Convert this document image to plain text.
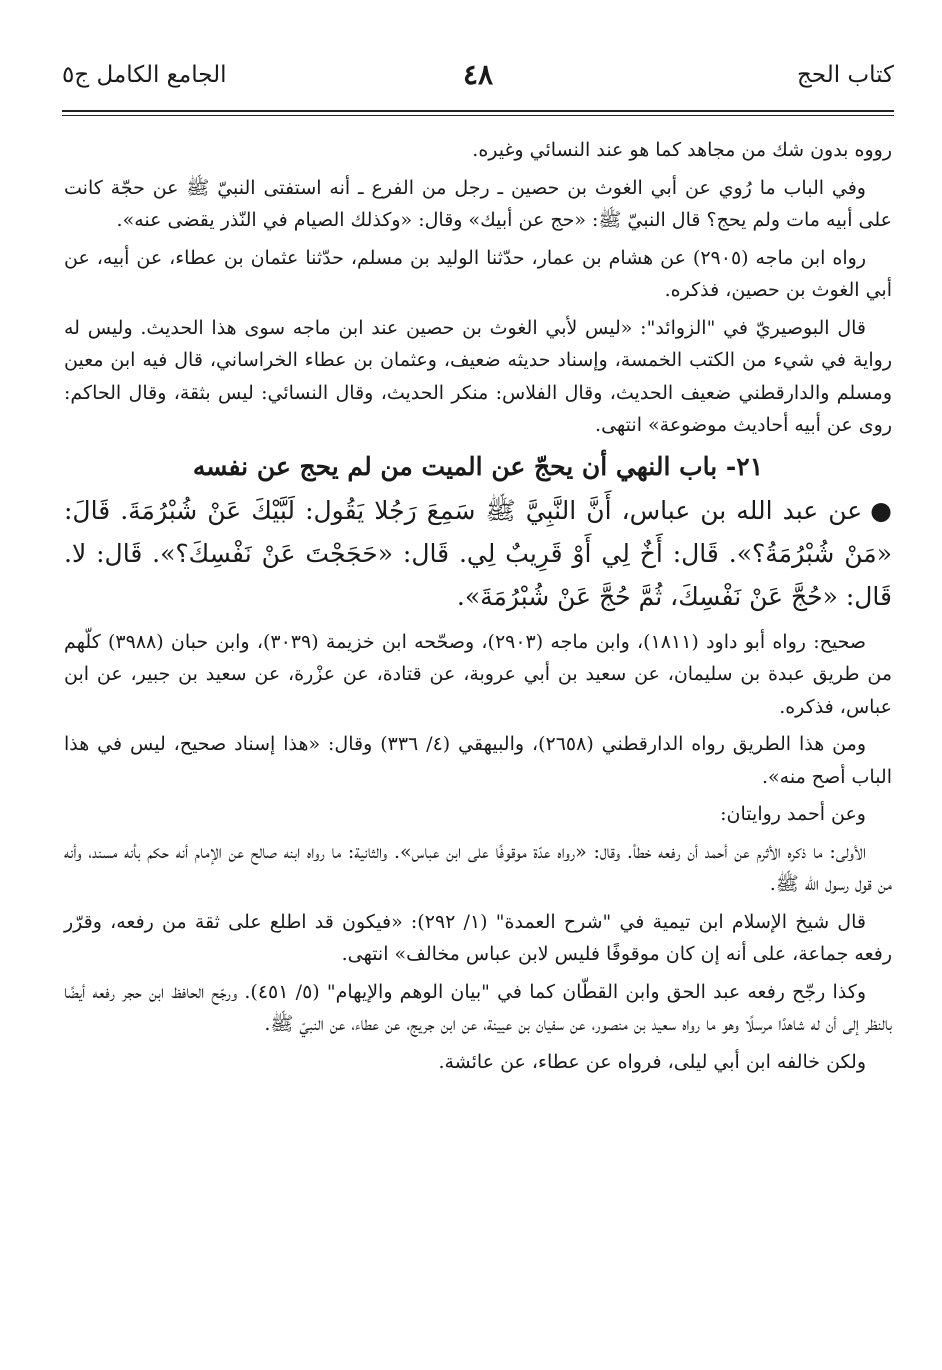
كتاب الحج
٤٨
الجامع الكامل ج٥

رووه بدون شك من مجاهد كما هو عند النسائي وغيره.

وفي الباب ما رُوي عن أبي الغوث بن حصين ـ رجل من الفرع ـ أنه استفتى النبيّ ﷺ عن حجّة كانت على أبيه مات ولم يحج؟ قال النبيّ ﷺ: «حج عن أبيك» وقال: «وكذلك الصيام في النّذر يقضى عنه».

رواه ابن ماجه (٢٩٠٥) عن هشام بن عمار، حدّثنا الوليد بن مسلم، حدّثنا عثمان بن عطاء، عن أبيه، عن أبي الغوث بن حصين، فذكره.

قال البوصيريّ في "الزوائد": «ليس لأبي الغوث بن حصين عند ابن ماجه سوى هذا الحديث. وليس له رواية في شيء من الكتب الخمسة، وإسناد حديثه ضعيف، وعثمان بن عطاء الخراساني، قال فيه ابن معين ومسلم والدارقطني ضعيف الحديث، وقال الفلاس: منكر الحديث، وقال النسائي: ليس بثقة، وقال الحاكم: روى عن أبيه أحاديث موضوعة» انتهى.

٢١- باب النهي أن يحجّ عن الميت من لم يحج عن نفسه

●عن عبد الله بن عباس، أَنَّ النَّبِيَّ ﷺ سَمِعَ رَجُلا يَقُول: لَبَّيْكَ عَنْ شُبْرُمَةَ. قَالَ: «مَنْ شُبْرُمَةُ؟». قَال: أَخٌ لِي أَوْ قَرِيبٌ لِي. قَال: «حَجَجْتَ عَنْ نَفْسِكَ؟». قَال: لا. قَال: «حُجَّ عَنْ نَفْسِكَ، ثُمَّ حُجَّ عَنْ شُبْرُمَةَ».

صحيح: رواه أبو داود (١٨١١)، وابن ماجه (٢٩٠٣)، وصحّحه ابن خزيمة (٣٠٣٩)، وابن حبان (٣٩٨٨) كلّهم من طريق عبدة بن سليمان، عن سعيد بن أبي عروبة، عن قتادة، عن عزْرة، عن سعيد بن جبير، عن ابن عباس، فذكره.

ومن هذا الطريق رواه الدارقطني (٢٦٥٨)، والبيهقي (٤/ ٣٣٦) وقال: «هذا إسناد صحيح، ليس في هذا الباب أصح منه».

وعن أحمد روايتان:

الأولى: ما ذكره الأثرم عن أحمد أن رفعه خطأ. وقال: «رواه عدّة موقوفًا على ابن عباس». والثانية: ما رواه ابنه صالح عن الإمام أنه حكم بأنه مسند، وأنه من قول رسول الله ﷺ.

قال شيخ الإسلام ابن تيمية في "شرح العمدة" (١/ ٢٩٢): «فيكون قد اطلع على ثقة من رفعه، وقرّر رفعه جماعة، على أنه إن كان موقوفًا فليس لابن عباس مخالف» انتهى.

وكذا رجّح رفعه عبد الحق وابن القطّان كما في "بيان الوهم والإيهام" (٥/ ٤٥١). ورجّح الحافظ ابن حجر رفعه أيضًا بالنظر إلى أن له شاهدًا مرسلًا وهو ما رواه سعيد بن منصور، عن سفيان بن عيينة، عن ابن جريج، عن عطاء، عن النبيّ ﷺ.

ولكن خالفه ابن أبي ليلى، فرواه عن عطاء، عن عائشة.
